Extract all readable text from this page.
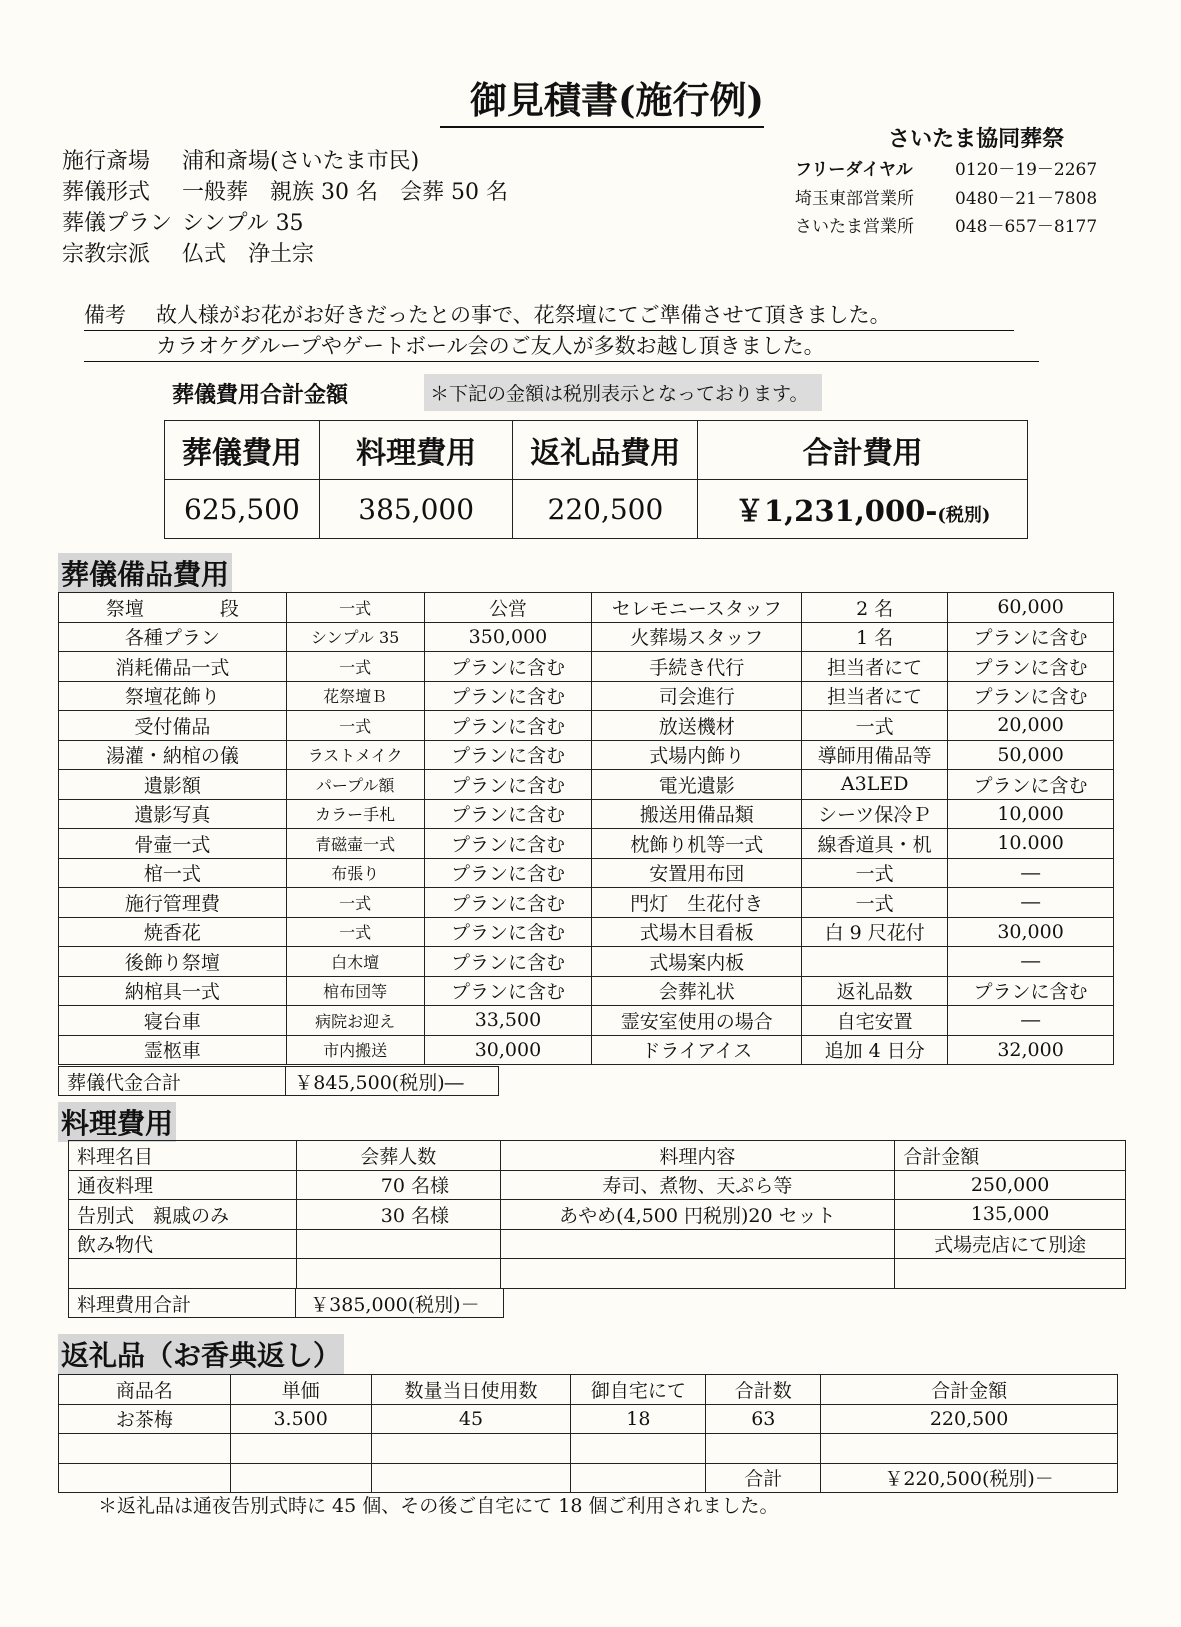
御見積書(施行例)
施行斎場 浦和斎場(さいたま市民)
葬儀形式 一般葬　親族 30 名　会葬 50 名
葬儀プラン シンプル 35
宗教宗派 仏式　浄土宗
さいたま協同葬祭
フリーダイヤル 0120－19－2267
埼玉東部営業所 0480－21－7808
さいたま営業所 048－657－8177
備考 故人様がお花がお好きだったとの事で、花祭壇にてご準備させて頂きました。
カラオケグループやゲートボール会のご友人が多数お越し頂きました。
葬儀費用合計金額	＊下記の金額は税別表示となっております。
葬儀費用	料理費用	返礼品費用	合計費用
625,500	385,000	220,500	￥1,231,000-(税別)
葬儀備品費用
祭壇　　　　段	一式	公営	セレモニースタッフ	2 名	60,000
各種プラン	シンプル 35	350,000	火葬場スタッフ	1 名	プランに含む
消耗備品一式	一式	プランに含む	手続き代行	担当者にて	プランに含む
祭壇花飾り	花祭壇Ｂ	プランに含む	司会進行	担当者にて	プランに含む
受付備品	一式	プランに含む	放送機材	一式	20,000
湯灌・納棺の儀	ラストメイク	プランに含む	式場内飾り	導師用備品等	50,000
遺影額	パープル額	プランに含む	電光遺影	A3LED	プランに含む
遺影写真	カラー手札	プランに含む	搬送用備品類	シーツ保冷Ｐ	10,000
骨壷一式	青磁壷一式	プランに含む	枕飾り机等一式	線香道具・机	10.000
棺一式	布張り	プランに含む	安置用布団	一式	―
施行管理費	一式	プランに含む	門灯　生花付き	一式	―
焼香花	一式	プランに含む	式場木目看板	白 9 尺花付	30,000
後飾り祭壇	白木壇	プランに含む	式場案内板		―
納棺具一式	棺布団等	プランに含む	会葬礼状	返礼品数	プランに含む
寝台車	病院お迎え	33,500	霊安室使用の場合	自宅安置	―
霊柩車	市内搬送	30,000	ドライアイス	追加 4 日分	32,000
葬儀代金合計	￥845,500(税別)―
料理費用
料理名目	会葬人数	料理内容	合計金額
通夜料理	70 名様	寿司、煮物、天ぷら等	250,000
告別式　親戚のみ	30 名様	あやめ(4,500 円税別)20 セット	135,000
飲み物代			式場売店にて別途

料理費用合計	￥385,000(税別)－
返礼品（お香典返し）
商品名	単価	数量当日使用数	御自宅にて	合計数	合計金額
お茶梅	3.500	45	18	63	220,500

				合計	￥220,500(税別)－
＊返礼品は通夜告別式時に 45 個、その後ご自宅にて 18 個ご利用されました。
